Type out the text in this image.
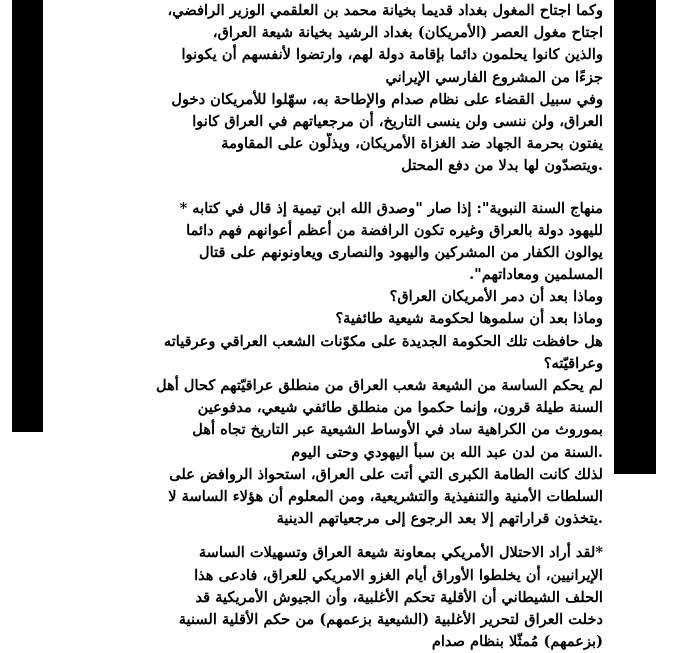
وكما اجتاح المغول بغداد قديما بخيانة محمد بن العلقمي الوزير الرافضي،
اجتاح مغول العصر (الأمريكان) بغداد الرشيد بخيانة شيعة العراق،
والذين كانوا يحلمون دائما بإقامة دولة لهم، وارتضوا لأنفسهم أن يكونوا
جزءًا من المشروع الفارسي الإيراني
وفي سبيل القضاء على نظام صدام والإطاحة به، سهّلوا للأمريكان دخول
العراق، ولن ننسى ولن ينسى التاريخ، أن مرجعياتهم في العراق كانوا
يفتون بحرمة الجهاد ضد الغزاة الأمريكان، ويذلّون على المقاومة
.ويتصدّون لها بدلا من دفع المحتل
منهاج السنة النبوية": إذا صار "وصدق الله ابن تيمية إذ قال في كتابه *
لليهود دولة بالعراق وغيره تكون الرافضة من أعظم أعوانهم فهم دائما
يوالون الكفار من المشركين واليهود والنصارى ويعاونونهم على قتال
المسلمين ومعاداتهم".
وماذا بعد أن دمر الأمريكان العراق؟
وماذا بعد أن سلموها لحكومة شيعية طائفية؟
هل حافظت تلك الحكومة الجديدة على مكوّنات الشعب العراقي وعرقياته
وعراقيّته؟
لم يحكم الساسة من الشيعة شعب العراق من منطلق عراقيّتهم كحال أهل
السنة طيلة قرون، وإنما حكموا من منطلق طائفي شيعي، مدفوعين
بموروث من الكراهية ساد في الأوساط الشيعية عبر التاريخ تجاه أهل
.السنة من لدن عبد الله بن سبأ اليهودي وحتى اليوم
لذلك كانت الطامة الكبرى التي أتت على العراق، استحواذ الروافض على
السلطات الأمنية والتنفيذية والتشريعية، ومن المعلوم أن هؤلاء الساسة لا
.يتخذون قراراتهم إلا بعد الرجوع إلى مرجعياتهم الدينية
*لقد أراد الاحتلال الأمريكي بمعاونة شيعة العراق وتسهيلات الساسة
الإيرانيين، أن يخلطوا الأوراق أيام الغزو الامريكي للعراق، فادعى هذا
الحلف الشيطاني أن الأقلية تحكم الأغلبية، وأن الجيوش الأمريكية قد
دخلت العراق لتحرير الأغلبية (الشيعية بزعمهم) من حكم الأقلية السنية
(بزعمهم) مُمثّلا بنظام صدام
